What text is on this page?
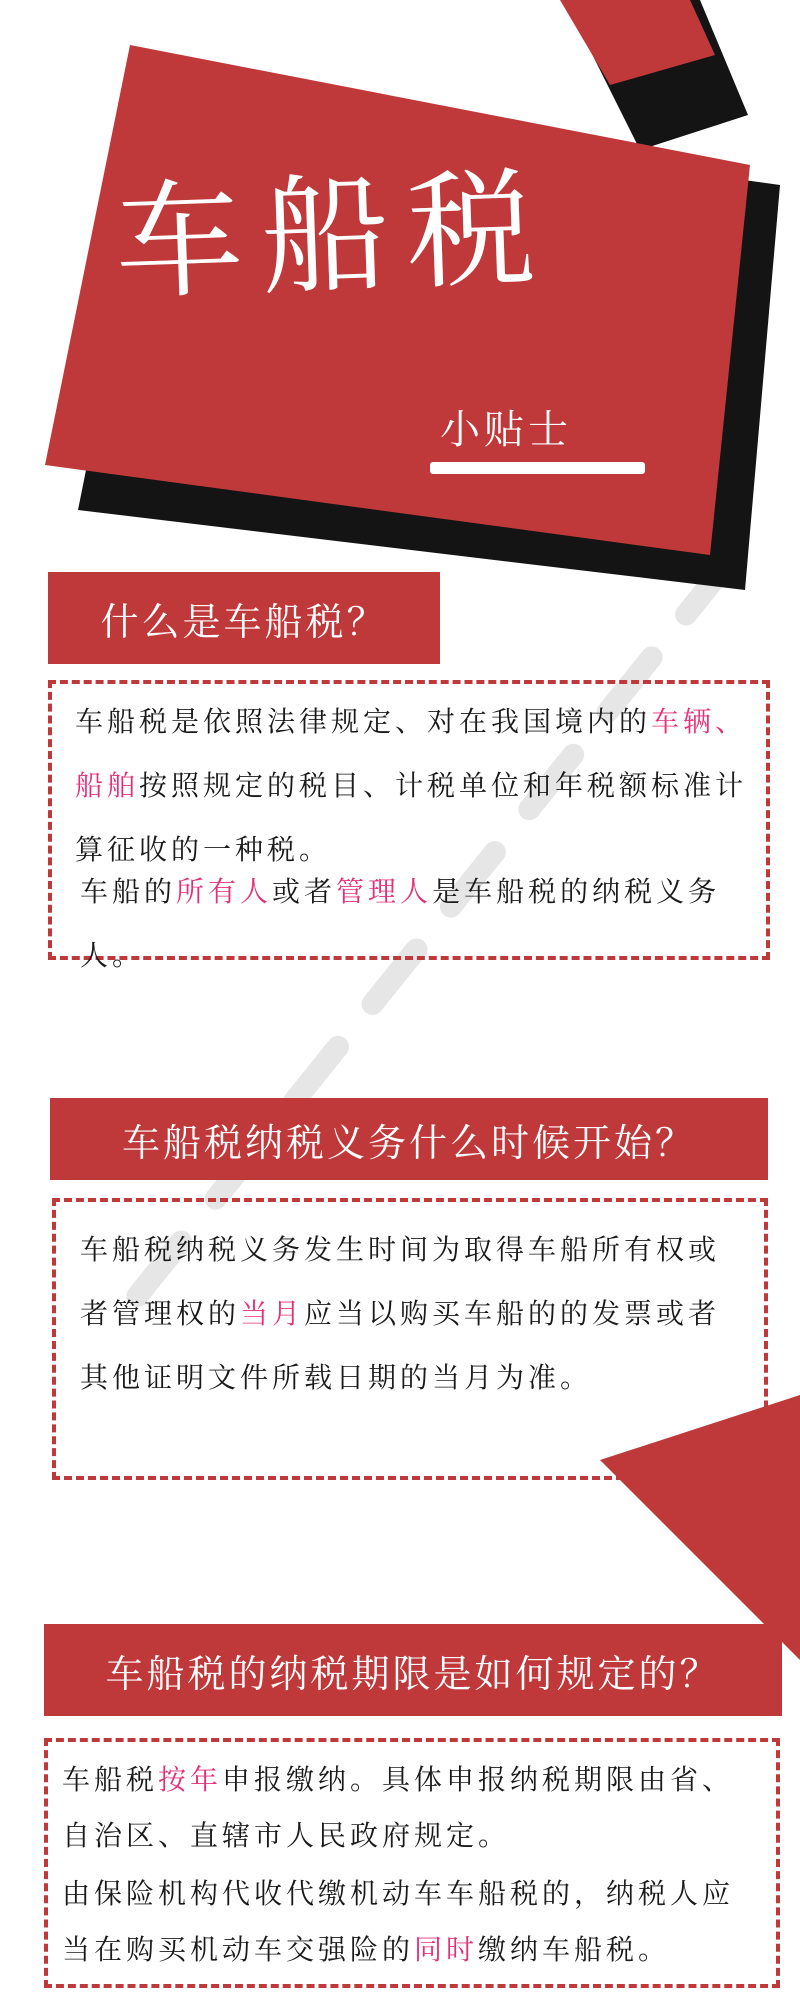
车船税
小贴士
什么是车船税？

车船税是依照法律规定、对在我国境内的车辆、船舶按照规定的税目、计税单位和年税额标准计算征收的一种税。

车船的所有人或者管理人是车船税的纳税义务人。

车船税纳税义务什么时候开始？

车船税纳税义务发生时间为取得车船所有权或者管理权的当月应当以购买车船的的发票或者其他证明文件所载日期的当月为准。

车船税的纳税期限是如何规定的？

车船税按年申报缴纳。具体申报纳税期限由省、自治区、直辖市人民政府规定。

由保险机构代收代缴机动车车船税的，纳税人应当在购买机动车交强险的同时缴纳车船税。
